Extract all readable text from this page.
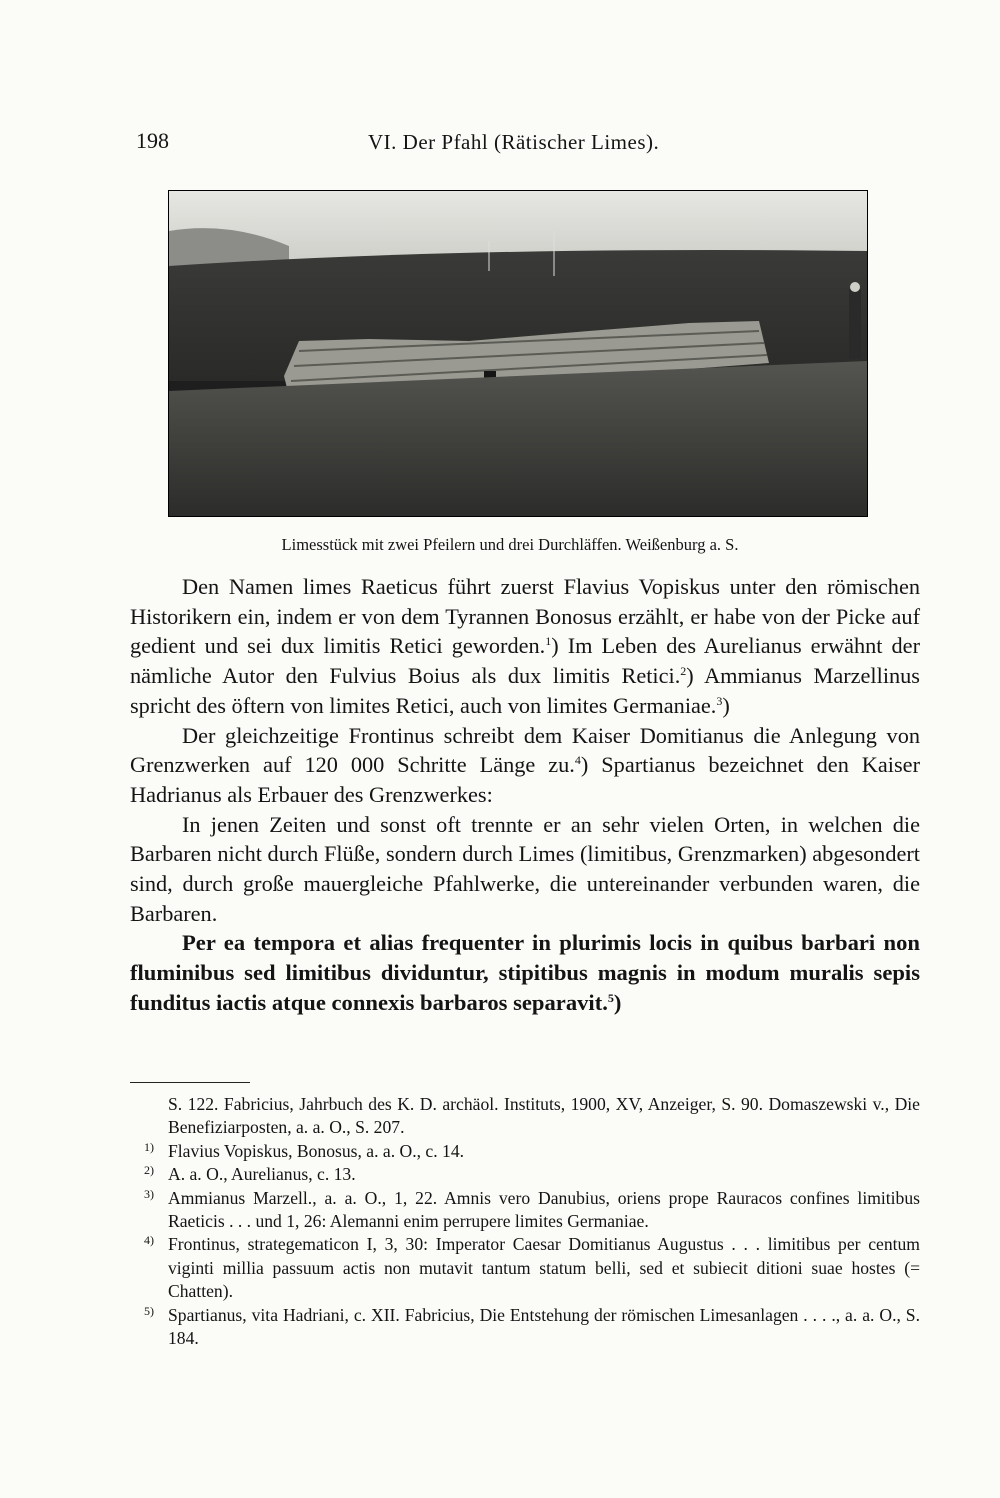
198	VI. Der Pfahl (Rätischer Limes).
Limesstück mit zwei Pfeilern und drei Durchläffen. Weißenburg a. S.

Den Namen limes Raeticus führt zuerst Flavius Vopiskus unter den römischen Historikern ein, indem er von dem Tyrannen Bonosus erzählt, er habe von der Picke auf gedient und sei dux limitis Retici geworden.$^1$) Im Leben des Aurelianus erwähnt der nämliche Autor den Fulvius Boius als dux limitis Retici.$^2$) Ammianus Marzellinus spricht des öftern von limites Retici, auch von limites Germaniae.$^3$)

Der gleichzeitige Frontinus schreibt dem Kaiser Domitianus die Anlegung von Grenzwerken auf 120 000 Schritte Länge zu.$^4$) Spartianus bezeichnet den Kaiser Hadrianus als Erbauer des Grenzwerkes:

In jenen Zeiten und sonst oft trennte er an sehr vielen Orten, in welchen die Barbaren nicht durch Flüße, sondern durch Limes (limitibus, Grenzmarken) abgesondert sind, durch große mauergleiche Pfahlwerke, die untereinander verbunden waren, die Barbaren.

Per ea tempora et alias frequenter in plurimis locis in quibus barbari non fluminibus sed limitibus dividuntur, stipitibus magnis in modum muralis sepis funditus iactis atque connexis barbaros separavit.$^5$)

S. 122. Fabricius, Jahrbuch des K. D. archäol. Instituts, 1900, XV, Anzeiger, S. 90. Domaszewski v., Die Benefiziarposten, a. a. O., S. 207.
1) Flavius Vopiskus, Bonosus, a. a. O., c. 14.
2) A. a. O., Aurelianus, c. 13.
3) Ammianus Marzell., a. a. O., 1, 22. Amnis vero Danubius, oriens prope Rauracos confines limitibus Raeticis . . . und 1, 26: Alemanni enim perrupere limites Germaniae.
4) Frontinus, strategematicon I, 3, 30: Imperator Caesar Domitianus Augustus . . . limitibus per centum viginti millia passuum actis non mutavit tantum statum belli, sed et subiecit ditioni suae hostes (= Chatten).
5) Spartianus, vita Hadriani, c. XII. Fabricius, Die Entstehung der römischen Limesanlagen . . . ., a. a. O., S. 184.
